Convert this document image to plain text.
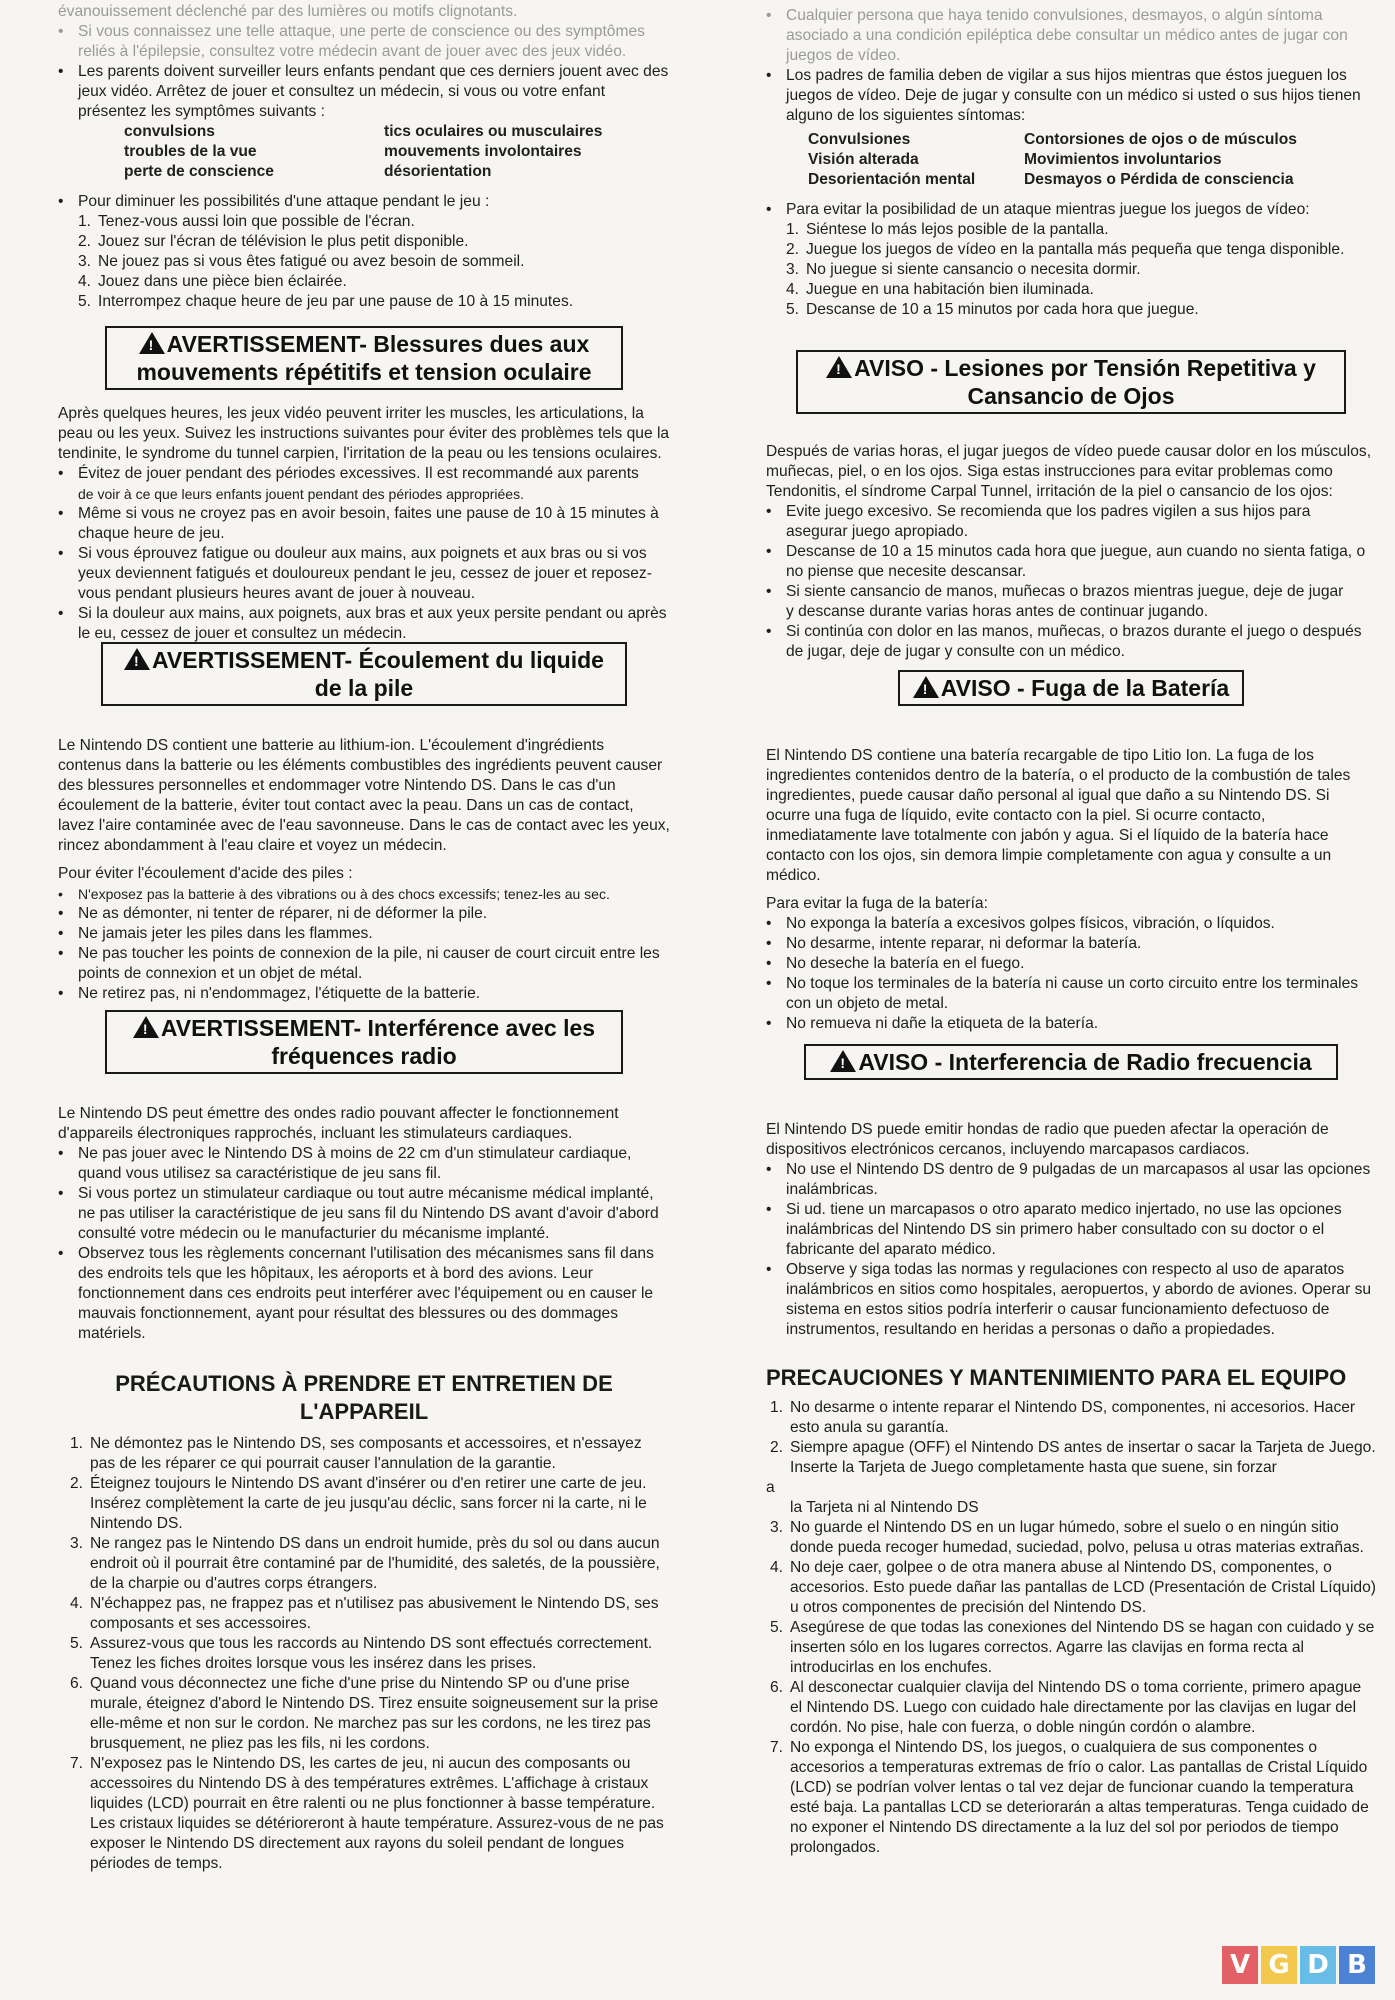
évanouissement déclenché par des lumières ou motifs clignotants.
• Si vous connaissez une telle attaque, une perte de conscience ou des symptômes reliés à l'épilepsie, consultez votre médecin avant de jouer avec des jeux vidéo.
• Les parents doivent surveiller leurs enfants pendant que ces derniers jouent avec des jeux vidéo. Arrêtez de jouer et consultez un médecin, si vous ou votre enfant présentez les symptômes suivants :
convulsions	tics oculaires ou musculaires
troubles de la vue	mouvements involontaires
perte de conscience	désorientation
• Pour diminuer les possibilités d'une attaque pendant le jeu :
1. Tenez-vous aussi loin que possible de l'écran.
2. Jouez sur l'écran de télévision le plus petit disponible.
3. Ne jouez pas si vous êtes fatigué ou avez besoin de sommeil.
4. Jouez dans une pièce bien éclairée.
5. Interrompez chaque heure de jeu par une pause de 10 à 15 minutes.
!AVERTISSEMENT- Blessures dues aux
mouvements répétitifs et tension oculaire

Après quelques heures, les jeux vidéo peuvent irriter les muscles, les articulations, la peau ou les yeux. Suivez les instructions suivantes pour éviter des problèmes tels que la tendinite, le syndrome du tunnel carpien, l'irritation de la peau ou les tensions oculaires.

• Évitez de jouer pendant des périodes excessives. Il est recommandé aux parents

de voir à ce que leurs enfants jouent pendant des périodes appropriées.

• Même si vous ne croyez pas en avoir besoin, faites une pause de 10 à 15 minutes à chaque heure de jeu.
• Si vous éprouvez fatigue ou douleur aux mains, aux poignets et aux bras ou si vos yeux deviennent fatigués et douloureux pendant le jeu, cessez de jouer et reposez-vous pendant plusieurs heures avant de jouer à nouveau.
• Si la douleur aux mains, aux poignets, aux bras et aux yeux persite pendant ou après le eu, cessez de jouer et consultez un médecin.
!AVERTISSEMENT- Écoulement du liquide
de la pile

Le Nintendo DS contient une batterie au lithium-ion. L'écoulement d'ingrédients contenus dans la batterie ou les éléments combustibles des ingrédients peuvent causer des blessures personnelles et endommager votre Nintendo DS. Dans le cas d'un écoulement de la batterie, éviter tout contact avec la peau. Dans un cas de contact, lavez l'aire contaminée avec de l'eau savonneuse. Dans le cas de contact avec les yeux, rincez abondamment à l'eau claire et voyez un médecin.

Pour éviter l'écoulement d'acide des piles :

• N'exposez pas la batterie à des vibrations ou à des chocs excessifs; tenez-les au sec.
• Ne as démonter, ni tenter de réparer, ni de déformer la pile.
• Ne jamais jeter les piles dans les flammes.
• Ne pas toucher les points de connexion de la pile, ni causer de court circuit entre les points de connexion et un objet de métal.
• Ne retirez pas, ni n'endommagez, l'étiquette de la batterie.
!AVERTISSEMENT- Interférence avec les
fréquences radio

Le Nintendo DS peut émettre des ondes radio pouvant affecter le fonctionnement d'appareils électroniques rapprochés, incluant les stimulateurs cardiaques.

• Ne pas jouer avec le Nintendo DS à moins de 22 cm d'un stimulateur cardiaque, quand vous utilisez sa caractéristique de jeu sans fil.
• Si vous portez un stimulateur cardiaque ou tout autre mécanisme médical implanté, ne pas utiliser la caractéristique de jeu sans fil du Nintendo DS avant d'avoir d'abord consulté votre médecin ou le manufacturier du mécanisme implanté.
• Observez tous les règlements concernant l'utilisation des mécanismes sans fil dans des endroits tels que les hôpitaux, les aéroports et à bord des avions. Leur fonctionnement dans ces endroits peut interférer avec l'équipement ou en causer le mauvais fonctionnement, ayant pour résultat des blessures ou des dommages matériels.
PRÉCAUTIONS À PRENDRE ET ENTRETIEN DE L'APPAREIL
1. Ne démontez pas le Nintendo DS, ses composants et accessoires, et n'essayez pas de les réparer ce qui pourrait causer l'annulation de la garantie.
2. Éteignez toujours le Nintendo DS avant d'insérer ou d'en retirer une carte de jeu. Insérez complètement la carte de jeu jusqu'au déclic, sans forcer ni la carte, ni le Nintendo DS.
3. Ne rangez pas le Nintendo DS dans un endroit humide, près du sol ou dans aucun endroit où il pourrait être contaminé par de l'humidité, des saletés, de la poussière, de la charpie ou d'autres corps étrangers.
4. N'échappez pas, ne frappez pas et n'utilisez pas abusivement le Nintendo DS, ses composants et ses accessoires.
5. Assurez-vous que tous les raccords au Nintendo DS sont effectués correctement. Tenez les fiches droites lorsque vous les insérez dans les prises.
6. Quand vous déconnectez une fiche d'une prise du Nintendo SP ou d'une prise murale, éteignez d'abord le Nintendo DS. Tirez ensuite soigneusement sur la prise elle-même et non sur le cordon. Ne marchez pas sur les cordons, ne les tirez pas brusquement, ne pliez pas les fils, ni les cordons.
7. N'exposez pas le Nintendo DS, les cartes de jeu, ni aucun des composants ou accessoires du Nintendo DS à des températures extrêmes. L'affichage à cristaux liquides (LCD) pourrait en être ralenti ou ne plus fonctionner à basse température. Les cristaux liquides se détérioreront à haute température. Assurez-vous de ne pas exposer le Nintendo DS directement aux rayons du soleil pendant de longues périodes de temps.
• Cualquier persona que haya tenido convulsiones, desmayos, o algún síntoma asociado a una condición epiléptica debe consultar un médico antes de jugar con juegos de vídeo.
• Los padres de familia deben de vigilar a sus hijos mientras que éstos jueguen los juegos de vídeo. Deje de jugar y consulte con un médico si usted o sus hijos tienen alguno de los siguientes síntomas:
Convulsiones	Contorsiones de ojos o de músculos
Visión alterada	Movimientos involuntarios
Desorientación mental	Desmayos o Pérdida de consciencia
• Para evitar la posibilidad de un ataque mientras juegue los juegos de vídeo:
1. Siéntese lo más lejos posible de la pantalla.
2. Juegue los juegos de vídeo en la pantalla más pequeña que tenga disponible.
3. No juegue si siente cansancio o necesita dormir.
4. Juegue en una habitación bien iluminada.
5. Descanse de 10 a 15 minutos por cada hora que juegue.
!AVISO - Lesiones por Tensión Repetitiva y
Cansancio de Ojos

Después de varias horas, el jugar juegos de vídeo puede causar dolor en los músculos, muñecas, piel, o en los ojos. Siga estas instrucciones para evitar problemas como Tendonitis, el síndrome Carpal Tunnel, irritación de la piel o cansancio de los ojos:

• Evite juego excesivo. Se recomienda que los padres vigilen a sus hijos para asegurar juego apropiado.
• Descanse de 10 a 15 minutos cada hora que juegue, aun cuando no sienta fatiga, o no piense que necesite descansar.
• Si siente cansancio de manos, muñecas o brazos mientras juegue, deje de jugar

y descanse durante varias horas antes de continuar jugando.

• Si continúa con dolor en las manos, muñecas, o brazos durante el juego o después de jugar, deje de jugar y consulte con un médico.
!AVISO - Fuga de la Batería

El Nintendo DS contiene una batería recargable de tipo Litio Ion. La fuga de los ingredientes contenidos dentro de la batería, o el producto de la combustión de tales ingredientes, puede causar daño personal al igual que daño a su Nintendo DS. Si ocurre una fuga de líquido, evite contacto con la piel. Si ocurre contacto, inmediatamente lave totalmente con jabón y agua. Si el líquido de la batería hace contacto con los ojos, sin demora limpie completamente con agua y consulte a un médico.

Para evitar la fuga de la batería:

• No exponga la batería a excesivos golpes físicos, vibración, o líquidos.
• No desarme, intente reparar, ni deformar la batería.
• No deseche la batería en el fuego.
• No toque los terminales de la batería ni cause un corto circuito entre los terminales con un objeto de metal.
• No remueva ni dañe la etiqueta de la batería.
!AVISO - Interferencia de Radio frecuencia

El Nintendo DS puede emitir hondas de radio que pueden afectar la operación de dispositivos electrónicos cercanos, incluyendo marcapasos cardiacos.

• No use el Nintendo DS dentro de 9 pulgadas de un marcapasos al usar las opciones inalámbricas.
• Si ud. tiene un marcapasos o otro aparato medico injertado, no use las opciones inalámbricas del Nintendo DS sin primero haber consultado con su doctor o el fabricante del aparato médico.
• Observe y siga todas las normas y regulaciones con respecto al uso de aparatos inalámbricos en sitios como hospitales, aeropuertos, y abordo de aviones. Operar su sistema en estos sitios podría interferir o causar funcionamiento defectuoso de instrumentos, resultando en heridas a personas o daño a propiedades.
PRECAUCIONES Y MANTENIMIENTO PARA EL EQUIPO
1. No desarme o intente reparar el Nintendo DS, componentes, ni accesorios. Hacer esto anula su garantía.
2. Siempre apague (OFF) el Nintendo DS antes de insertar o sacar la Tarjeta de Juego. Inserte la Tarjeta de Juego completamente hasta que suene, sin forzar

a

la Tarjeta ni al Nintendo DS

3. No guarde el Nintendo DS en un lugar húmedo, sobre el suelo o en ningún sitio donde pueda recoger humedad, suciedad, polvo, pelusa u otras materias extrañas.
4. No deje caer, golpee o de otra manera abuse al Nintendo DS, componentes, o accesorios. Esto puede dañar las pantallas de LCD (Presentación de Cristal Líquido) u otros componentes de precisión del Nintendo DS.
5. Asegúrese de que todas las conexiones del Nintendo DS se hagan con cuidado y se inserten sólo en los lugares correctos. Agarre las clavijas en forma recta al introducirlas en los enchufes.
6. Al desconectar cualquier clavija del Nintendo DS o toma corriente, primero apague el Nintendo DS. Luego con cuidado hale directamente por las clavijas en lugar del cordón. No pise, hale con fuerza, o doble ningún cordón o alambre.
7. No exponga el Nintendo DS, los juegos, o cualquiera de sus componentes o accesorios a temperaturas extremas de frío o calor. Las pantallas de Cristal Líquido (LCD) se podrían volver lentas o tal vez dejar de funcionar cuando la temperatura esté baja. La pantallas LCD se deteriorarán a altas temperaturas. Tenga cuidado de no exponer el Nintendo DS directamente a la luz del sol por periodos de tiempo prolongados.
V G D B
